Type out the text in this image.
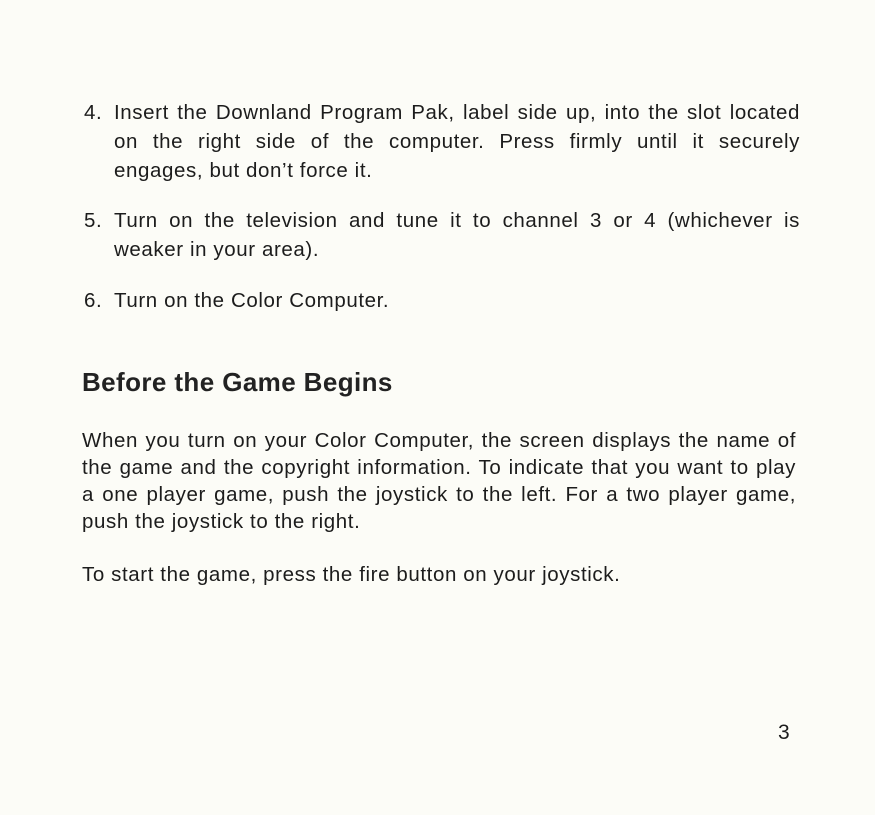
4. Insert the Downland Program Pak, label side up, into the slot located on the right side of the computer. Press firmly until it securely engages, but don’t force it.
5. Turn on the television and tune it to channel 3 or 4 (whichever is weaker in your area).
6. Turn on the Color Computer.
Before the Game Begins

When you turn on your Color Computer, the screen displays the name of the game and the copyright information. To indicate that you want to play a one player game, push the joystick to the left. For a two player game, push the joystick to the right.

To start the game, press the fire button on your joystick.

3
